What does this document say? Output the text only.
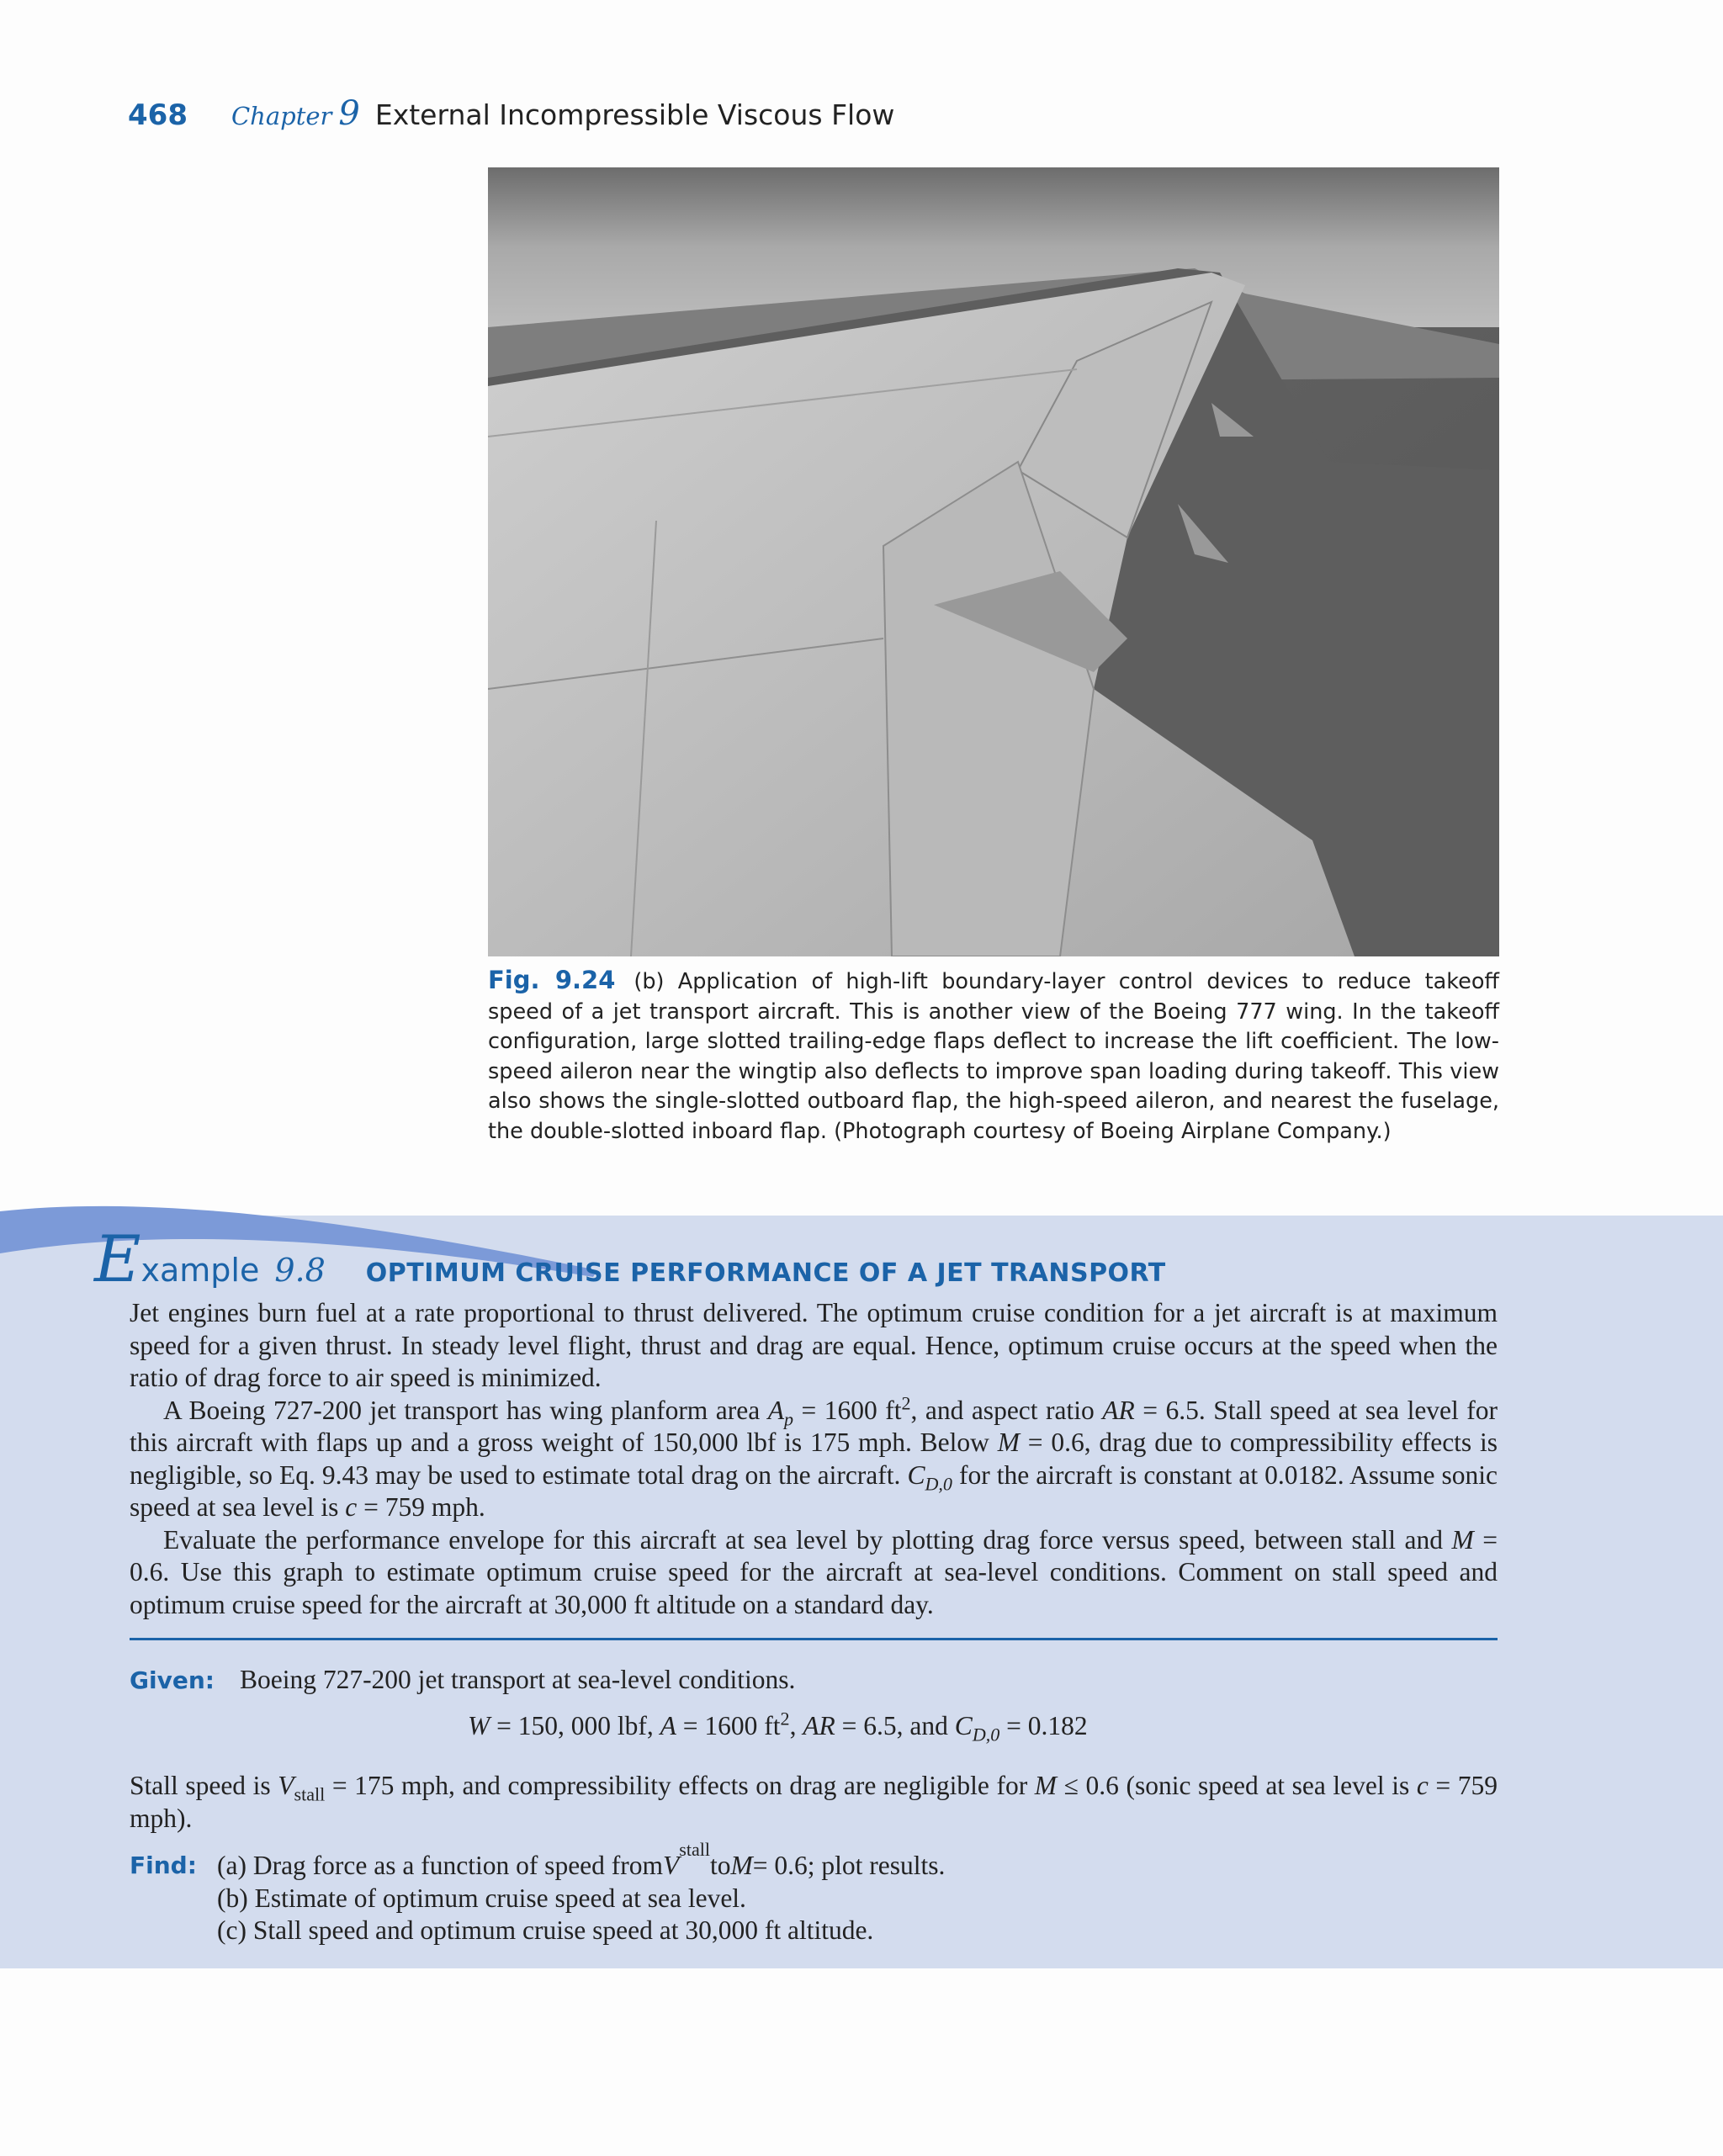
468 Chapter 9 External Incompressible Viscous Flow
Fig. 9.24 (b) Application of high-lift boundary-layer control devices to reduce takeoff speed of a jet transport aircraft. This is another view of the Boeing 777 wing. In the takeoff configuration, large slotted trailing-edge flaps deflect to increase the lift coefficient. The low-speed aileron near the wingtip also deflects to improve span loading during takeoff. This view also shows the single-slotted outboard flap, the high-speed aileron, and nearest the fuselage, the double-slotted inboard flap. (Photograph courtesy of Boeing Airplane Company.)
E xample 9.8 OPTIMUM CRUISE PERFORMANCE OF A JET TRANSPORT

Jet engines burn fuel at a rate proportional to thrust delivered. The optimum cruise condition for a jet aircraft is at maximum speed for a given thrust. In steady level flight, thrust and drag are equal. Hence, optimum cruise occurs at the speed when the ratio of drag force to air speed is minimized.

A Boeing 727-200 jet transport has wing planform area $A_p = 1600$ $ft^2$, and aspect ratio AR = 6.5. Stall speed at sea level for this aircraft with flaps up and a gross weight of 150,000 lbf is 175 mph. Below M = 0.6, drag due to compressibility effects is negligible, so Eq. 9.43 may be used to estimate total drag on the aircraft. $C_{D,0}$ for the aircraft is constant at 0.0182. Assume sonic speed at sea level is c = 759 mph.

Evaluate the performance envelope for this aircraft at sea level by plotting drag force versus speed, between stall and M = 0.6. Use this graph to estimate optimum cruise speed for the aircraft at sea-level conditions. Comment on stall speed and optimum cruise speed for the aircraft at 30,000 ft altitude on a standard day.

Given: Boeing 727-200 jet transport at sea-level conditions.
W = 150, 000 lbf, A = 1600 $ft^2$, AR = 6.5, and $C_{D,0} = 0.182$
Stall speed is $V_{stall} = 175$ mph, and compressibility effects on drag are negligible for M ≤ 0.6 (sonic speed at sea level is c = 759 mph).
Find: (a) Drag force as a function of speed from V
stall
to M = 0.6; plot results.
(b) Estimate of optimum cruise speed at sea level.
(c) Stall speed and optimum cruise speed at 30,000 ft altitude.
